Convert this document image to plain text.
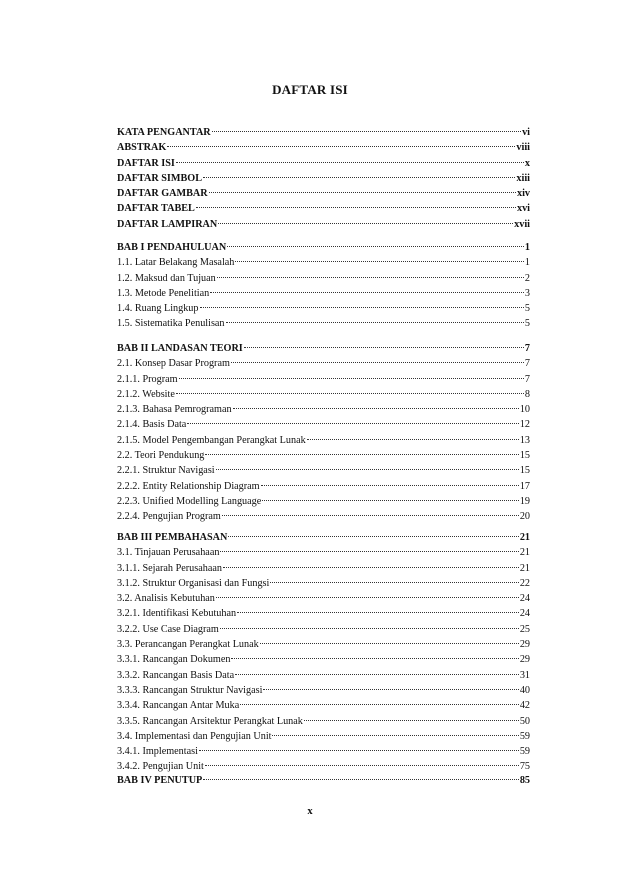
DAFTAR ISI
KATA PENGANTAR	vi
ABSTRAK	viii
DAFTAR ISI	x
DAFTAR SIMBOL	xiii
DAFTAR GAMBAR	xiv
DAFTAR TABEL	xvi
DAFTAR LAMPIRAN	xvii
BAB I PENDAHULUAN	1
1.1. Latar Belakang Masalah	1
1.2. Maksud dan Tujuan	2
1.3. Metode Penelitian	3
1.4. Ruang Lingkup	5
1.5. Sistematika Penulisan	5
BAB II LANDASAN TEORI	7
2.1. Konsep Dasar Program	7
2.1.1. Program	7
2.1.2. Website	8
2.1.3. Bahasa Pemrograman	10
2.1.4. Basis Data	12
2.1.5. Model Pengembangan Perangkat Lunak	13
2.2. Teori Pendukung	15
2.2.1. Struktur Navigasi	15
2.2.2. Entity Relationship Diagram	17
2.2.3. Unified Modelling Language	19
2.2.4. Pengujian Program	20
BAB III PEMBAHASAN	21
3.1. Tinjauan Perusahaan	21
3.1.1. Sejarah Perusahaan	21
3.1.2. Struktur Organisasi dan Fungsi	22
3.2. Analisis Kebutuhan	24
3.2.1. Identifikasi Kebutuhan	24
3.2.2. Use Case Diagram	25
3.3. Perancangan Perangkat Lunak	29
3.3.1. Rancangan Dokumen	29
3.3.2. Rancangan Basis Data	31
3.3.3. Rancangan Struktur Navigasi	40
3.3.4. Rancangan Antar Muka	42
3.3.5. Rancangan Arsitektur Perangkat Lunak	50
3.4. Implementasi dan Pengujian Unit	59
3.4.1. Implementasi	59
3.4.2. Pengujian Unit	75
BAB IV PENUTUP	85
x
